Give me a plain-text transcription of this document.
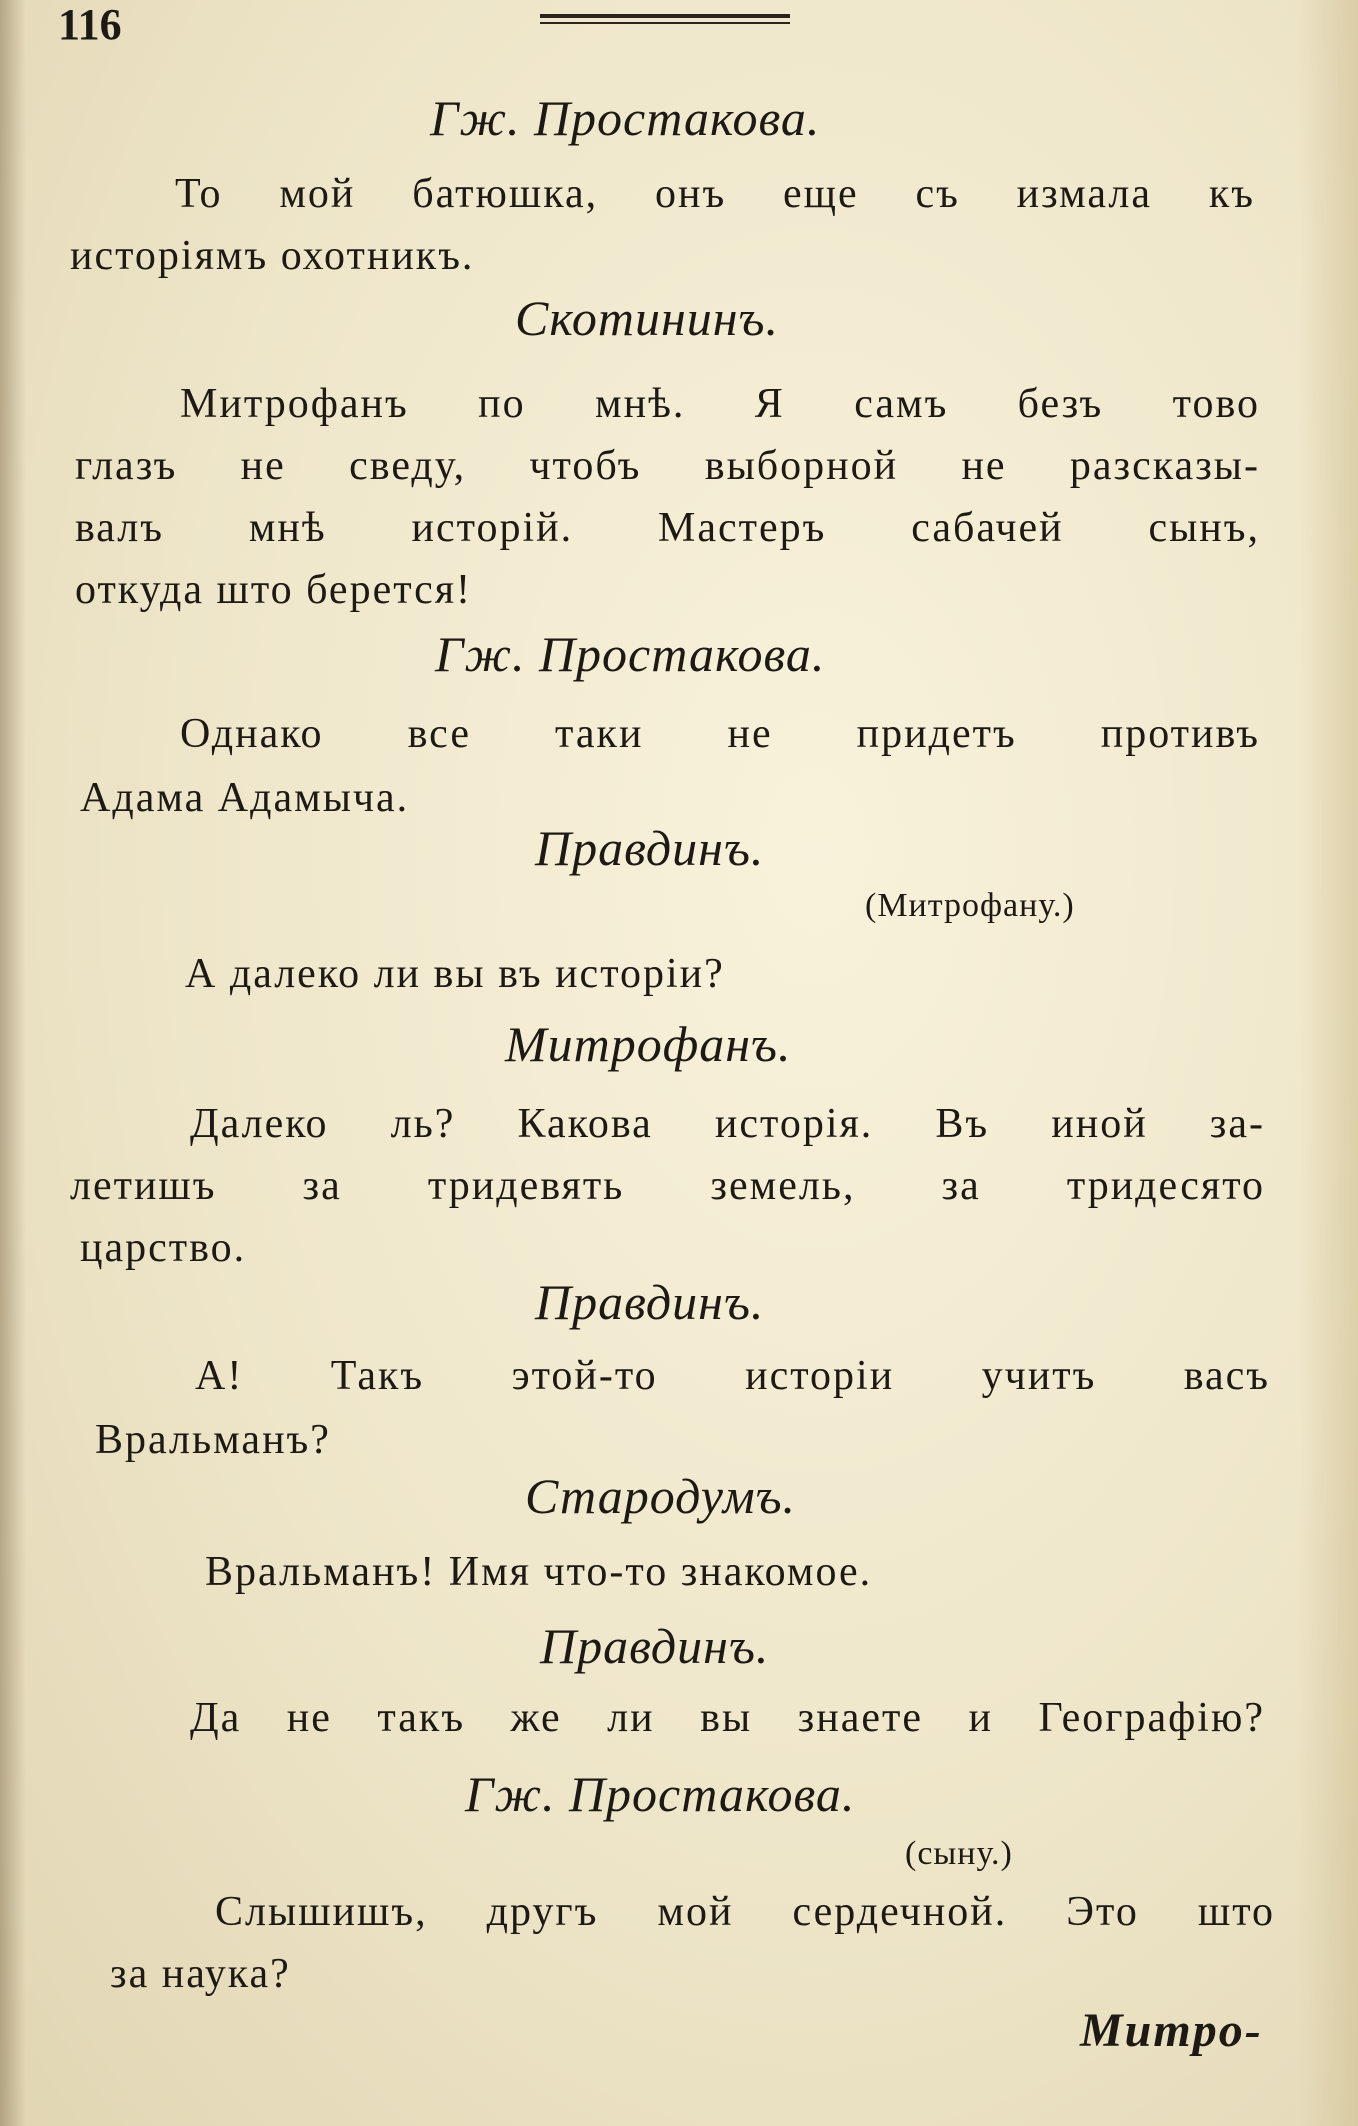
116
Гж. Простакова.
То мой батюшка, онъ еще съ измала къ
исторіямъ охотникъ.
Скотининъ.
Митрофанъ по мнѣ. Я самъ безъ тово
глазъ не сведу, чтобъ выборной не разсказы-
валъ мнѣ исторій. Мастеръ сабачей сынъ,
откуда што берется!
Гж. Простакова.
Однако все таки не придетъ противъ
Адама Адамыча.
Правдинъ.
(Митрофану.)
А далеко ли вы въ исторіи?
Митрофанъ.
Далеко ль? Какова исторія. Въ иной за-
летишъ за тридевять земель, за тридесято
царство.
Правдинъ.
А! Такъ этой-то исторіи учитъ васъ
Вральманъ?
Стародумъ.
Вральманъ! Имя что-то знакомое.
Правдинъ.
Да не такъ же ли вы знаете и Географію?
Гж. Простакова.
(сыну.)
Слышишъ, другъ мой сердечной. Это што
за наука?
Митро-
